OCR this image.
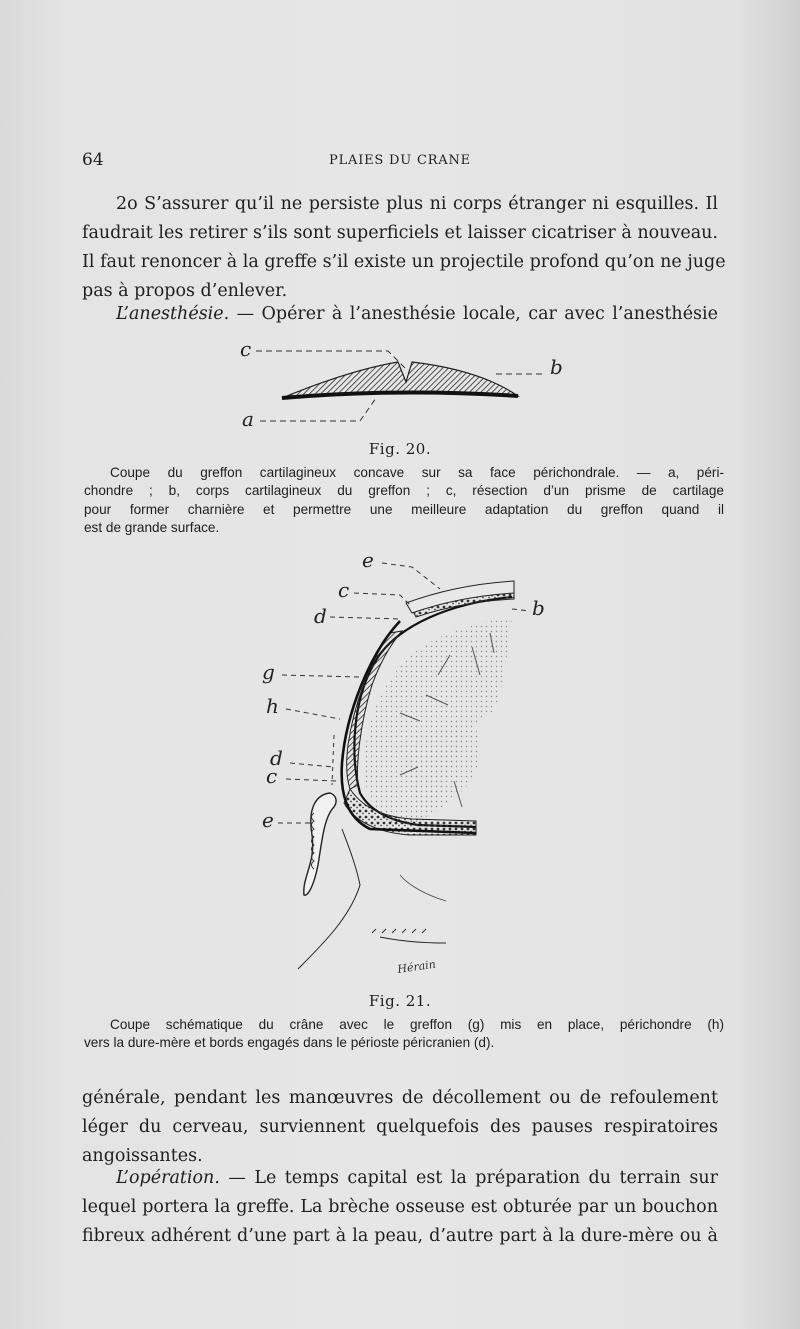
64	PLAIES DU CRANE
2o S’assurer qu’il ne persiste plus ni corps étranger ni esquilles. Il
faudrait les retirer s’ils sont superficiels et laisser cicatriser à nouveau.
Il faut renoncer à la greffe s’il existe un projectile profond qu’on ne juge
pas à propos d’enlever.
L’anesthésie. — Opérer à l’anesthésie locale, car avec l’anesthésie
c
b
a
Fig. 20.
Coupe du greffon cartilagineux concave sur sa face périchondrale. — a, péri-
chondre ; b, corps cartilagineux du greffon ; c, résection d’un prisme de cartilage
pour former charnière et permettre une meilleure adaptation du greffon quand il
est de grande surface.
e
c
d	b
g
h
d
c
e
Hérain
Fig. 21.
Coupe schématique du crâne avec le greffon (g) mis en place, périchondre (h)
vers la dure-mère et bords engagés dans le périoste péricranien (d).
générale, pendant les manœuvres de décollement ou de refoulement
léger du cerveau, surviennent quelquefois des pauses respiratoires
angoissantes.
L’opération. — Le temps capital est la préparation du terrain sur
lequel portera la greffe. La brèche osseuse est obturée par un bouchon
fibreux adhérent d’une part à la peau, d’autre part à la dure-mère ou à
